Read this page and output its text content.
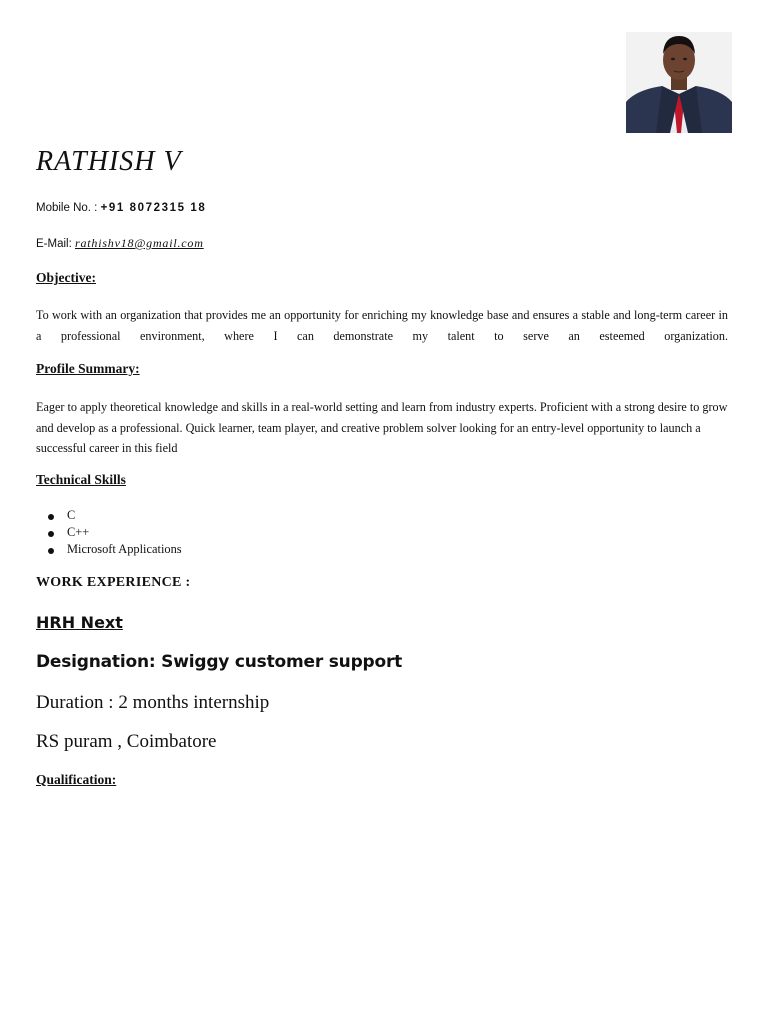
RATHISH V
Mobile No. : +91 8072315 18
E-Mail: rathishv18@gmail.com
Objective:
To work with an organization that provides me an opportunity for enriching my knowledge base and ensures a stable and long-term career in a professional environment, where I can demonstrate my talent to serve an esteemed organization.
Profile Summary:
Eager to apply theoretical knowledge and skills in a real-world setting and learn from industry experts. Proficient with a strong desire to grow and develop as a professional. Quick learner, team player, and creative problem solver looking for an entry-level opportunity to launch a successful career in this field
Technical Skills
C
C++
Microsoft Applications
WORK EXPERIENCE :
HRH Next
Designation: Swiggy customer support
Duration : 2 months internship
RS puram , Coimbatore
Qualification:
